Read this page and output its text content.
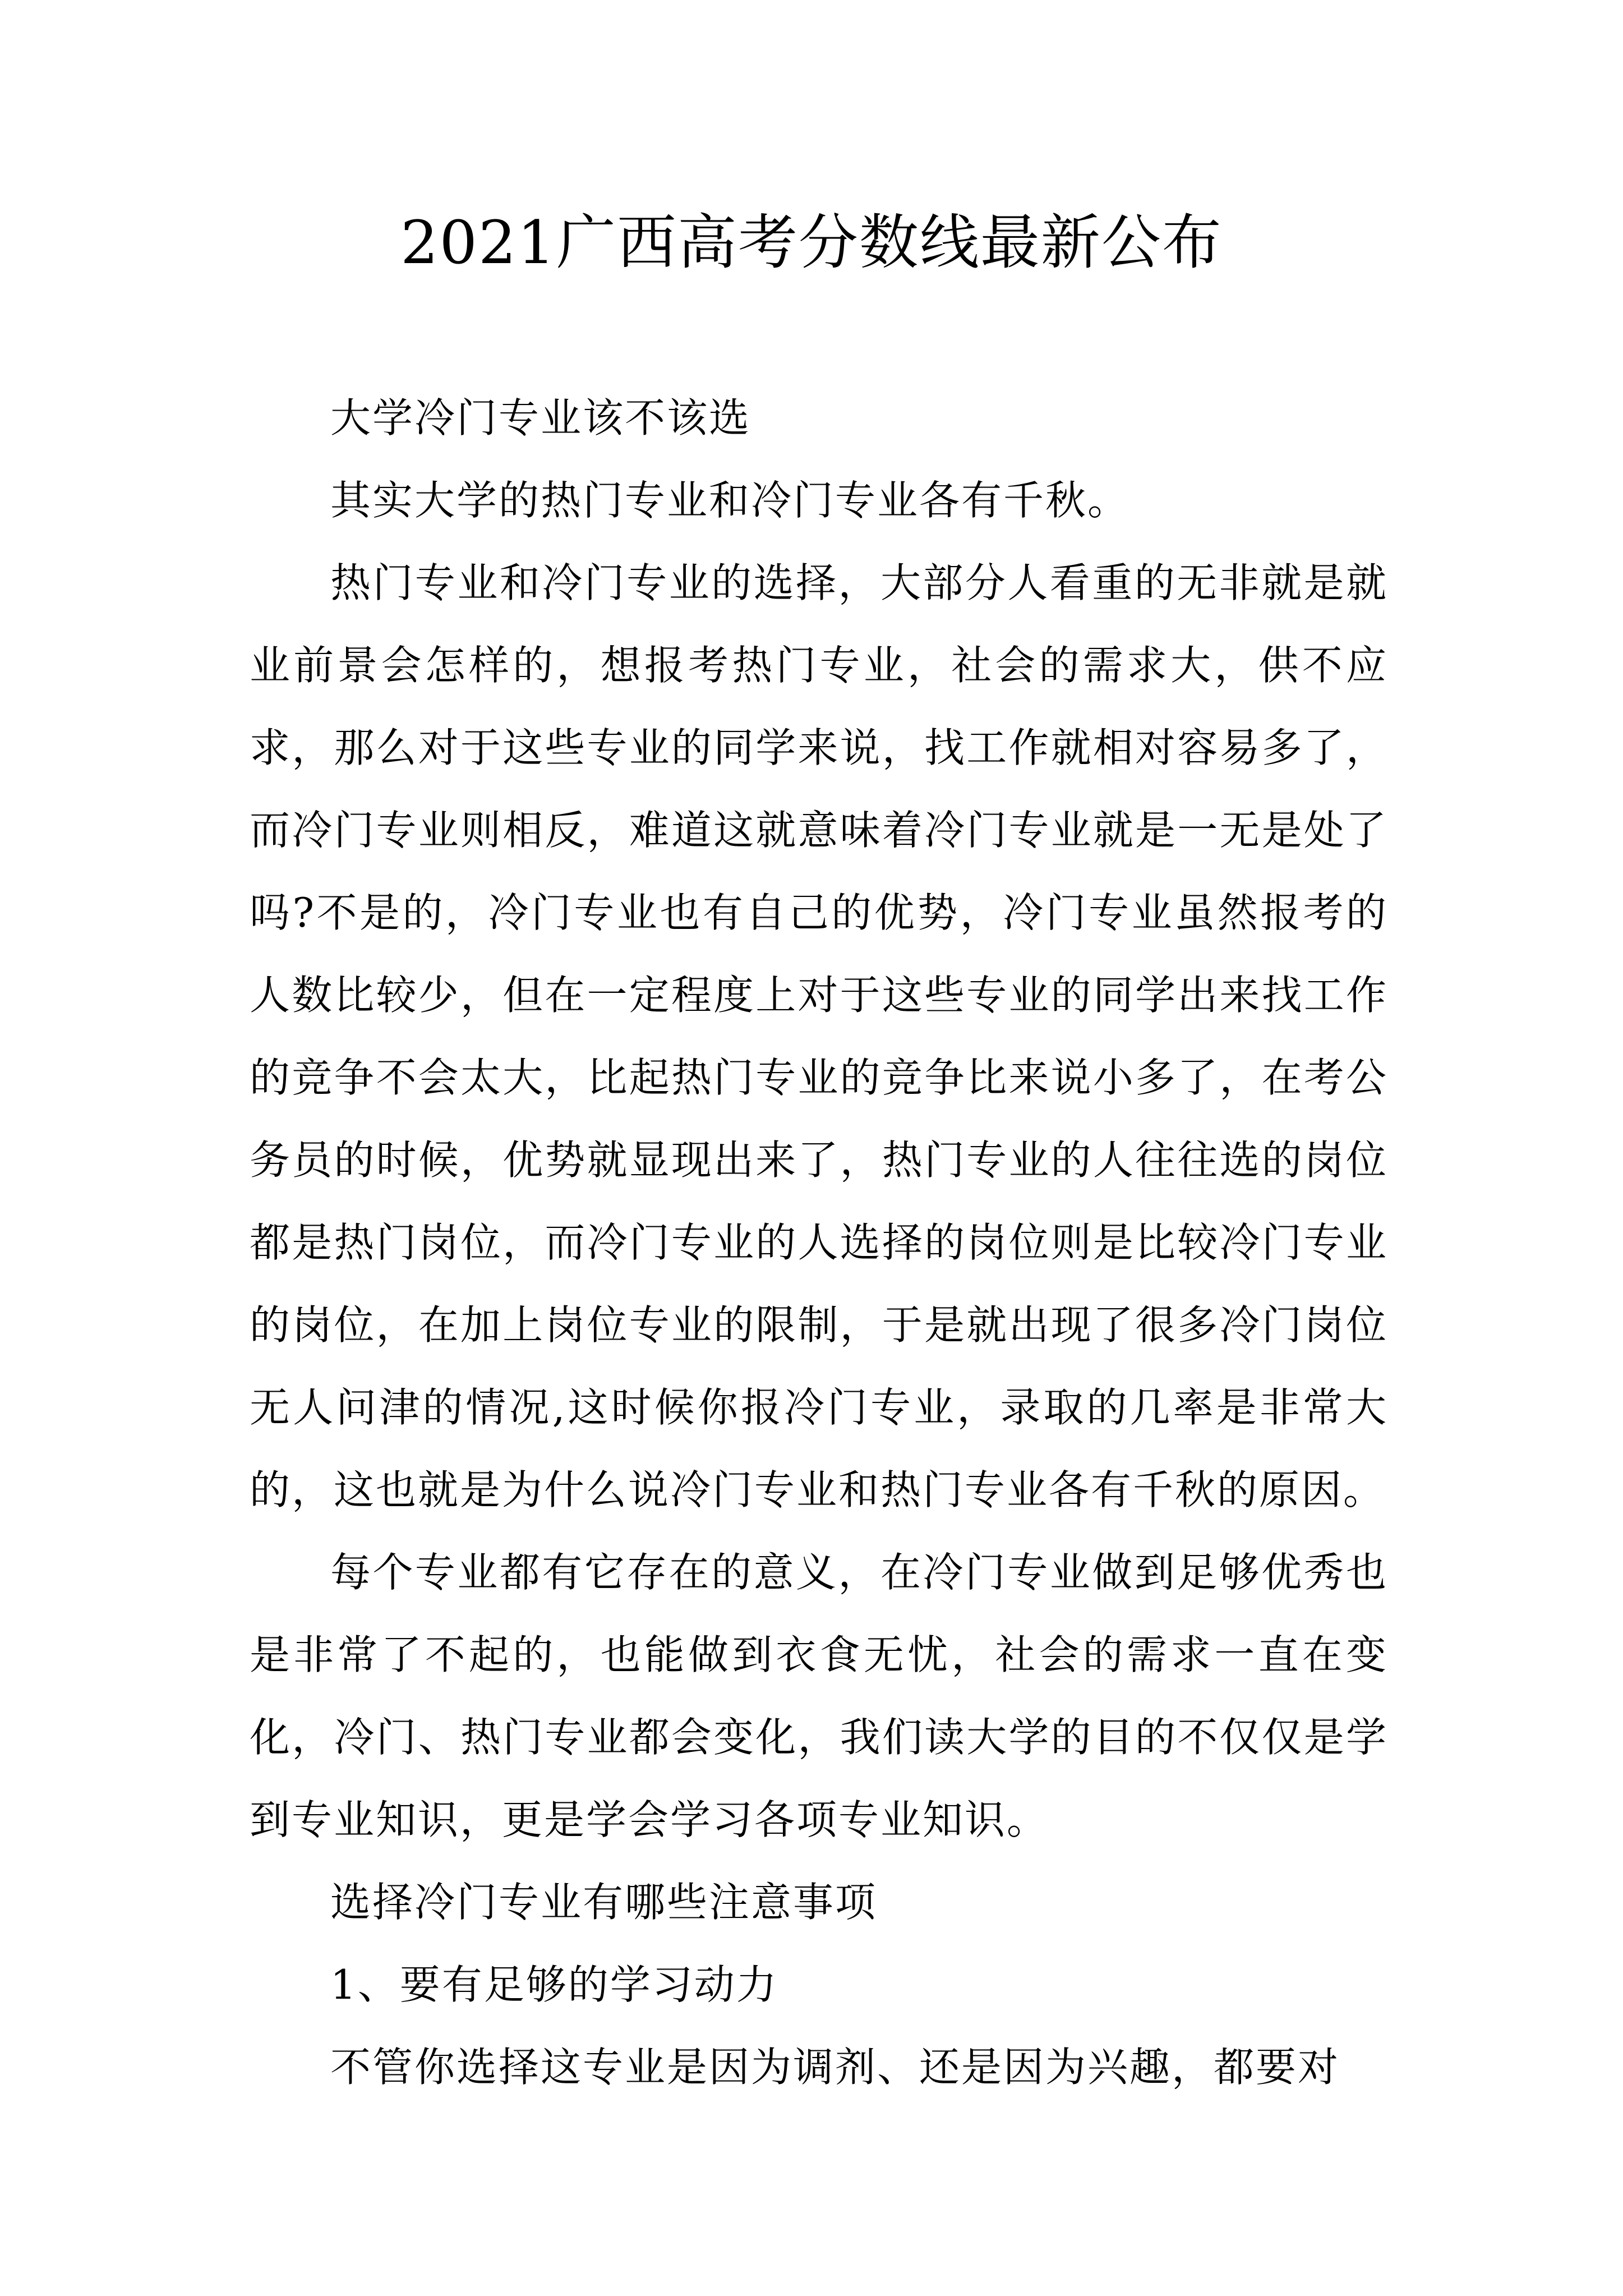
2021广西高考分数线最新公布

大学冷门专业该不该选

其实大学的热门专业和冷门专业各有千秋。

热门专业和冷门专业的选择，大部分人看重的无非就是就业前景会怎样的，想报考热门专业，社会的需求大，供不应求，那么对于这些专业的同学来说，找工作就相对容易多了，而冷门专业则相反，难道这就意味着冷门专业就是一无是处了吗?不是的，冷门专业也有自己的优势，冷门专业虽然报考的人数比较少，但在一定程度上对于这些专业的同学出来找工作的竞争不会太大，比起热门专业的竞争比来说小多了，在考公务员的时候，优势就显现出来了，热门专业的人往往选的岗位都是热门岗位，而冷门专业的人选择的岗位则是比较冷门专业的岗位，在加上岗位专业的限制，于是就出现了很多冷门岗位无人问津的情况,这时候你报冷门专业，录取的几率是非常大的，这也就是为什么说冷门专业和热门专业各有千秋的原因。

每个专业都有它存在的意义，在冷门专业做到足够优秀也是非常了不起的，也能做到衣食无忧，社会的需求一直在变化，冷门、热门专业都会变化，我们读大学的目的不仅仅是学到专业知识，更是学会学习各项专业知识。

选择冷门专业有哪些注意事项

1、要有足够的学习动力

不管你选择这专业是因为调剂、还是因为兴趣，都要对
